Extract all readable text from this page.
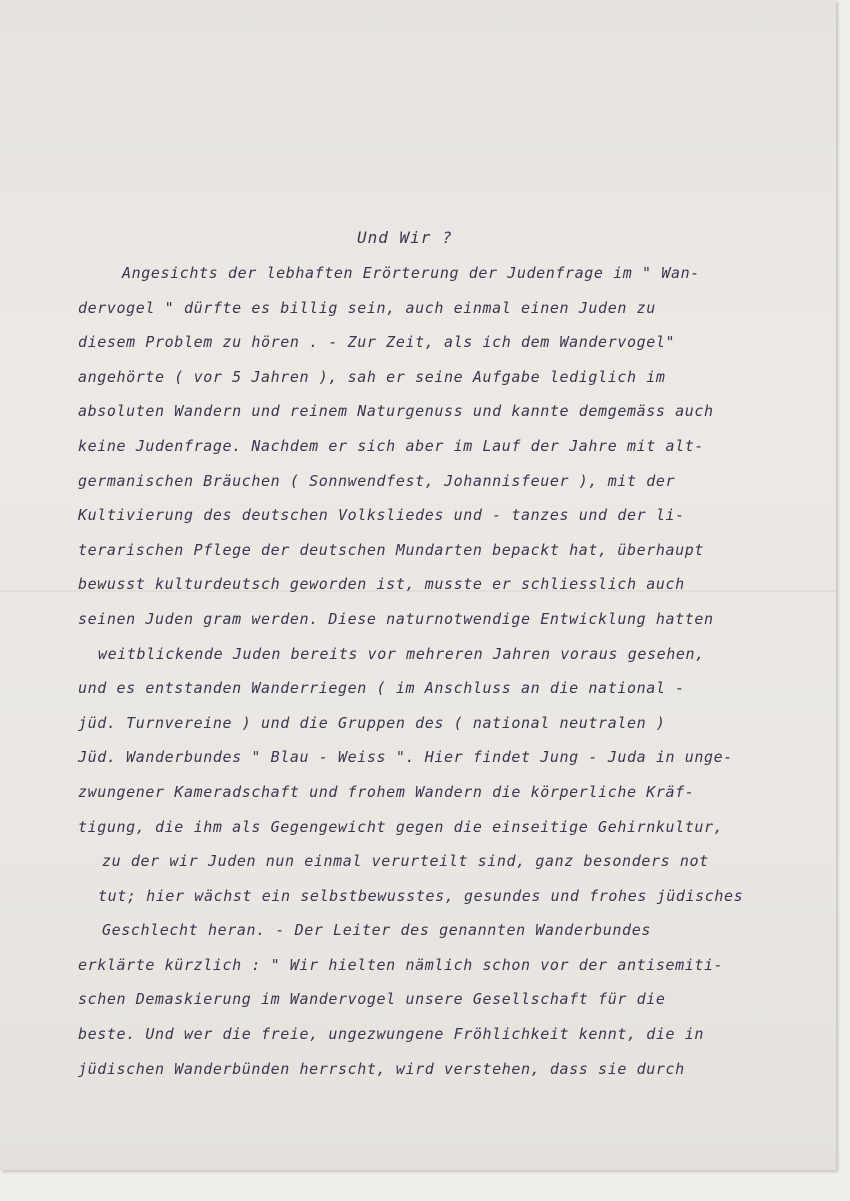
Und Wir ?
Angesichts der lebhaften Erörterung der Judenfrage im " Wan-
dervogel " dürfte es billig sein, auch einmal einen Juden zu
diesem Problem zu hören . - Zur Zeit, als ich dem Wandervogel"
angehörte ( vor 5 Jahren ), sah er seine Aufgabe lediglich im
absoluten Wandern und reinem Naturgenuss und kannte demgemäss auch
keine Judenfrage. Nachdem er sich aber im Lauf der Jahre mit alt-
germanischen Bräuchen ( Sonnwendfest, Johannisfeuer ), mit der
Kultivierung des deutschen Volksliedes und - tanzes und der li-
terarischen Pflege der deutschen Mundarten bepackt hat, überhaupt
bewusst kulturdeutsch geworden ist, musste er schliesslich auch
seinen Juden gram werden. Diese naturnotwendige Entwicklung hatten
weitblickende Juden bereits vor mehreren Jahren voraus gesehen,
und es entstanden Wanderriegen ( im Anschluss an die national -
jüd. Turnvereine ) und die Gruppen des ( national neutralen )
Jüd. Wanderbundes " Blau - Weiss ". Hier findet Jung - Juda in unge-
zwungener Kameradschaft und frohem Wandern die körperliche Kräf-
tigung, die ihm als Gegengewicht gegen die einseitige Gehirnkultur,
zu der wir Juden nun einmal verurteilt sind, ganz besonders not
tut; hier wächst ein selbstbewusstes, gesundes und frohes jüdisches
Geschlecht heran. - Der Leiter des genannten Wanderbundes
erklärte kürzlich : " Wir hielten nämlich schon vor der antisemiti-
schen Demaskierung im Wandervogel unsere Gesellschaft für die
beste. Und wer die freie, ungezwungene Fröhlichkeit kennt, die in
jüdischen Wanderbünden herrscht, wird verstehen, dass sie durch
